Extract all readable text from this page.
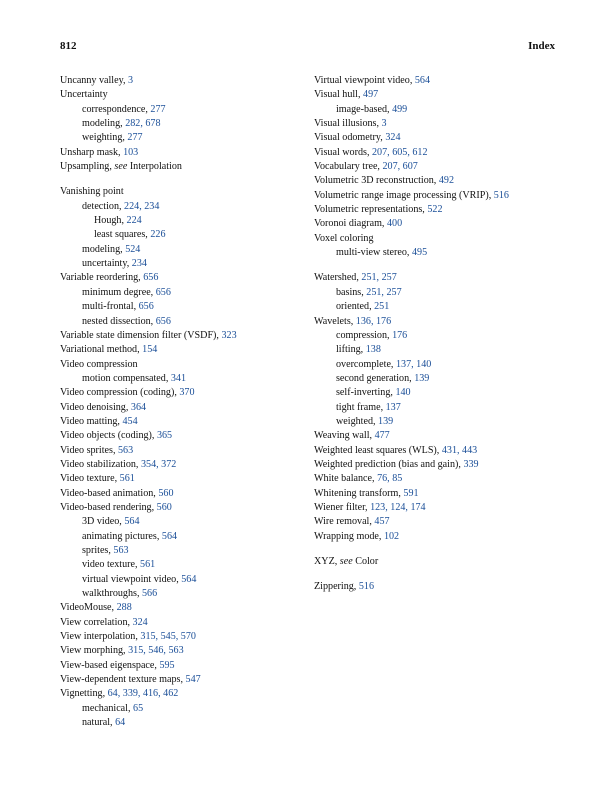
812	Index
Uncanny valley, 3
Uncertainty
correspondence, 277
modeling, 282, 678
weighting, 277
Unsharp mask, 103
Upsampling, see Interpolation
Vanishing point
detection, 224, 234
Hough, 224
least squares, 226
modeling, 524
uncertainty, 234
Variable reordering, 656
minimum degree, 656
multi-frontal, 656
nested dissection, 656
Variable state dimension filter (VSDF), 323
Variational method, 154
Video compression
motion compensated, 341
Video compression (coding), 370
Video denoising, 364
Video matting, 454
Video objects (coding), 365
Video sprites, 563
Video stabilization, 354, 372
Video texture, 561
Video-based animation, 560
Video-based rendering, 560
3D video, 564
animating pictures, 564
sprites, 563
video texture, 561
virtual viewpoint video, 564
walkthroughs, 566
VideoMouse, 288
View correlation, 324
View interpolation, 315, 545, 570
View morphing, 315, 546, 563
View-based eigenspace, 595
View-dependent texture maps, 547
Vignetting, 64, 339, 416, 462
mechanical, 65
natural, 64
Virtual viewpoint video, 564
Visual hull, 497
image-based, 499
Visual illusions, 3
Visual odometry, 324
Visual words, 207, 605, 612
Vocabulary tree, 207, 607
Volumetric 3D reconstruction, 492
Volumetric range image processing (VRIP), 516
Volumetric representations, 522
Voronoi diagram, 400
Voxel coloring
multi-view stereo, 495
Watershed, 251, 257
basins, 251, 257
oriented, 251
Wavelets, 136, 176
compression, 176
lifting, 138
overcomplete, 137, 140
second generation, 139
self-inverting, 140
tight frame, 137
weighted, 139
Weaving wall, 477
Weighted least squares (WLS), 431, 443
Weighted prediction (bias and gain), 339
White balance, 76, 85
Whitening transform, 591
Wiener filter, 123, 124, 174
Wire removal, 457
Wrapping mode, 102
XYZ, see Color
Zippering, 516
